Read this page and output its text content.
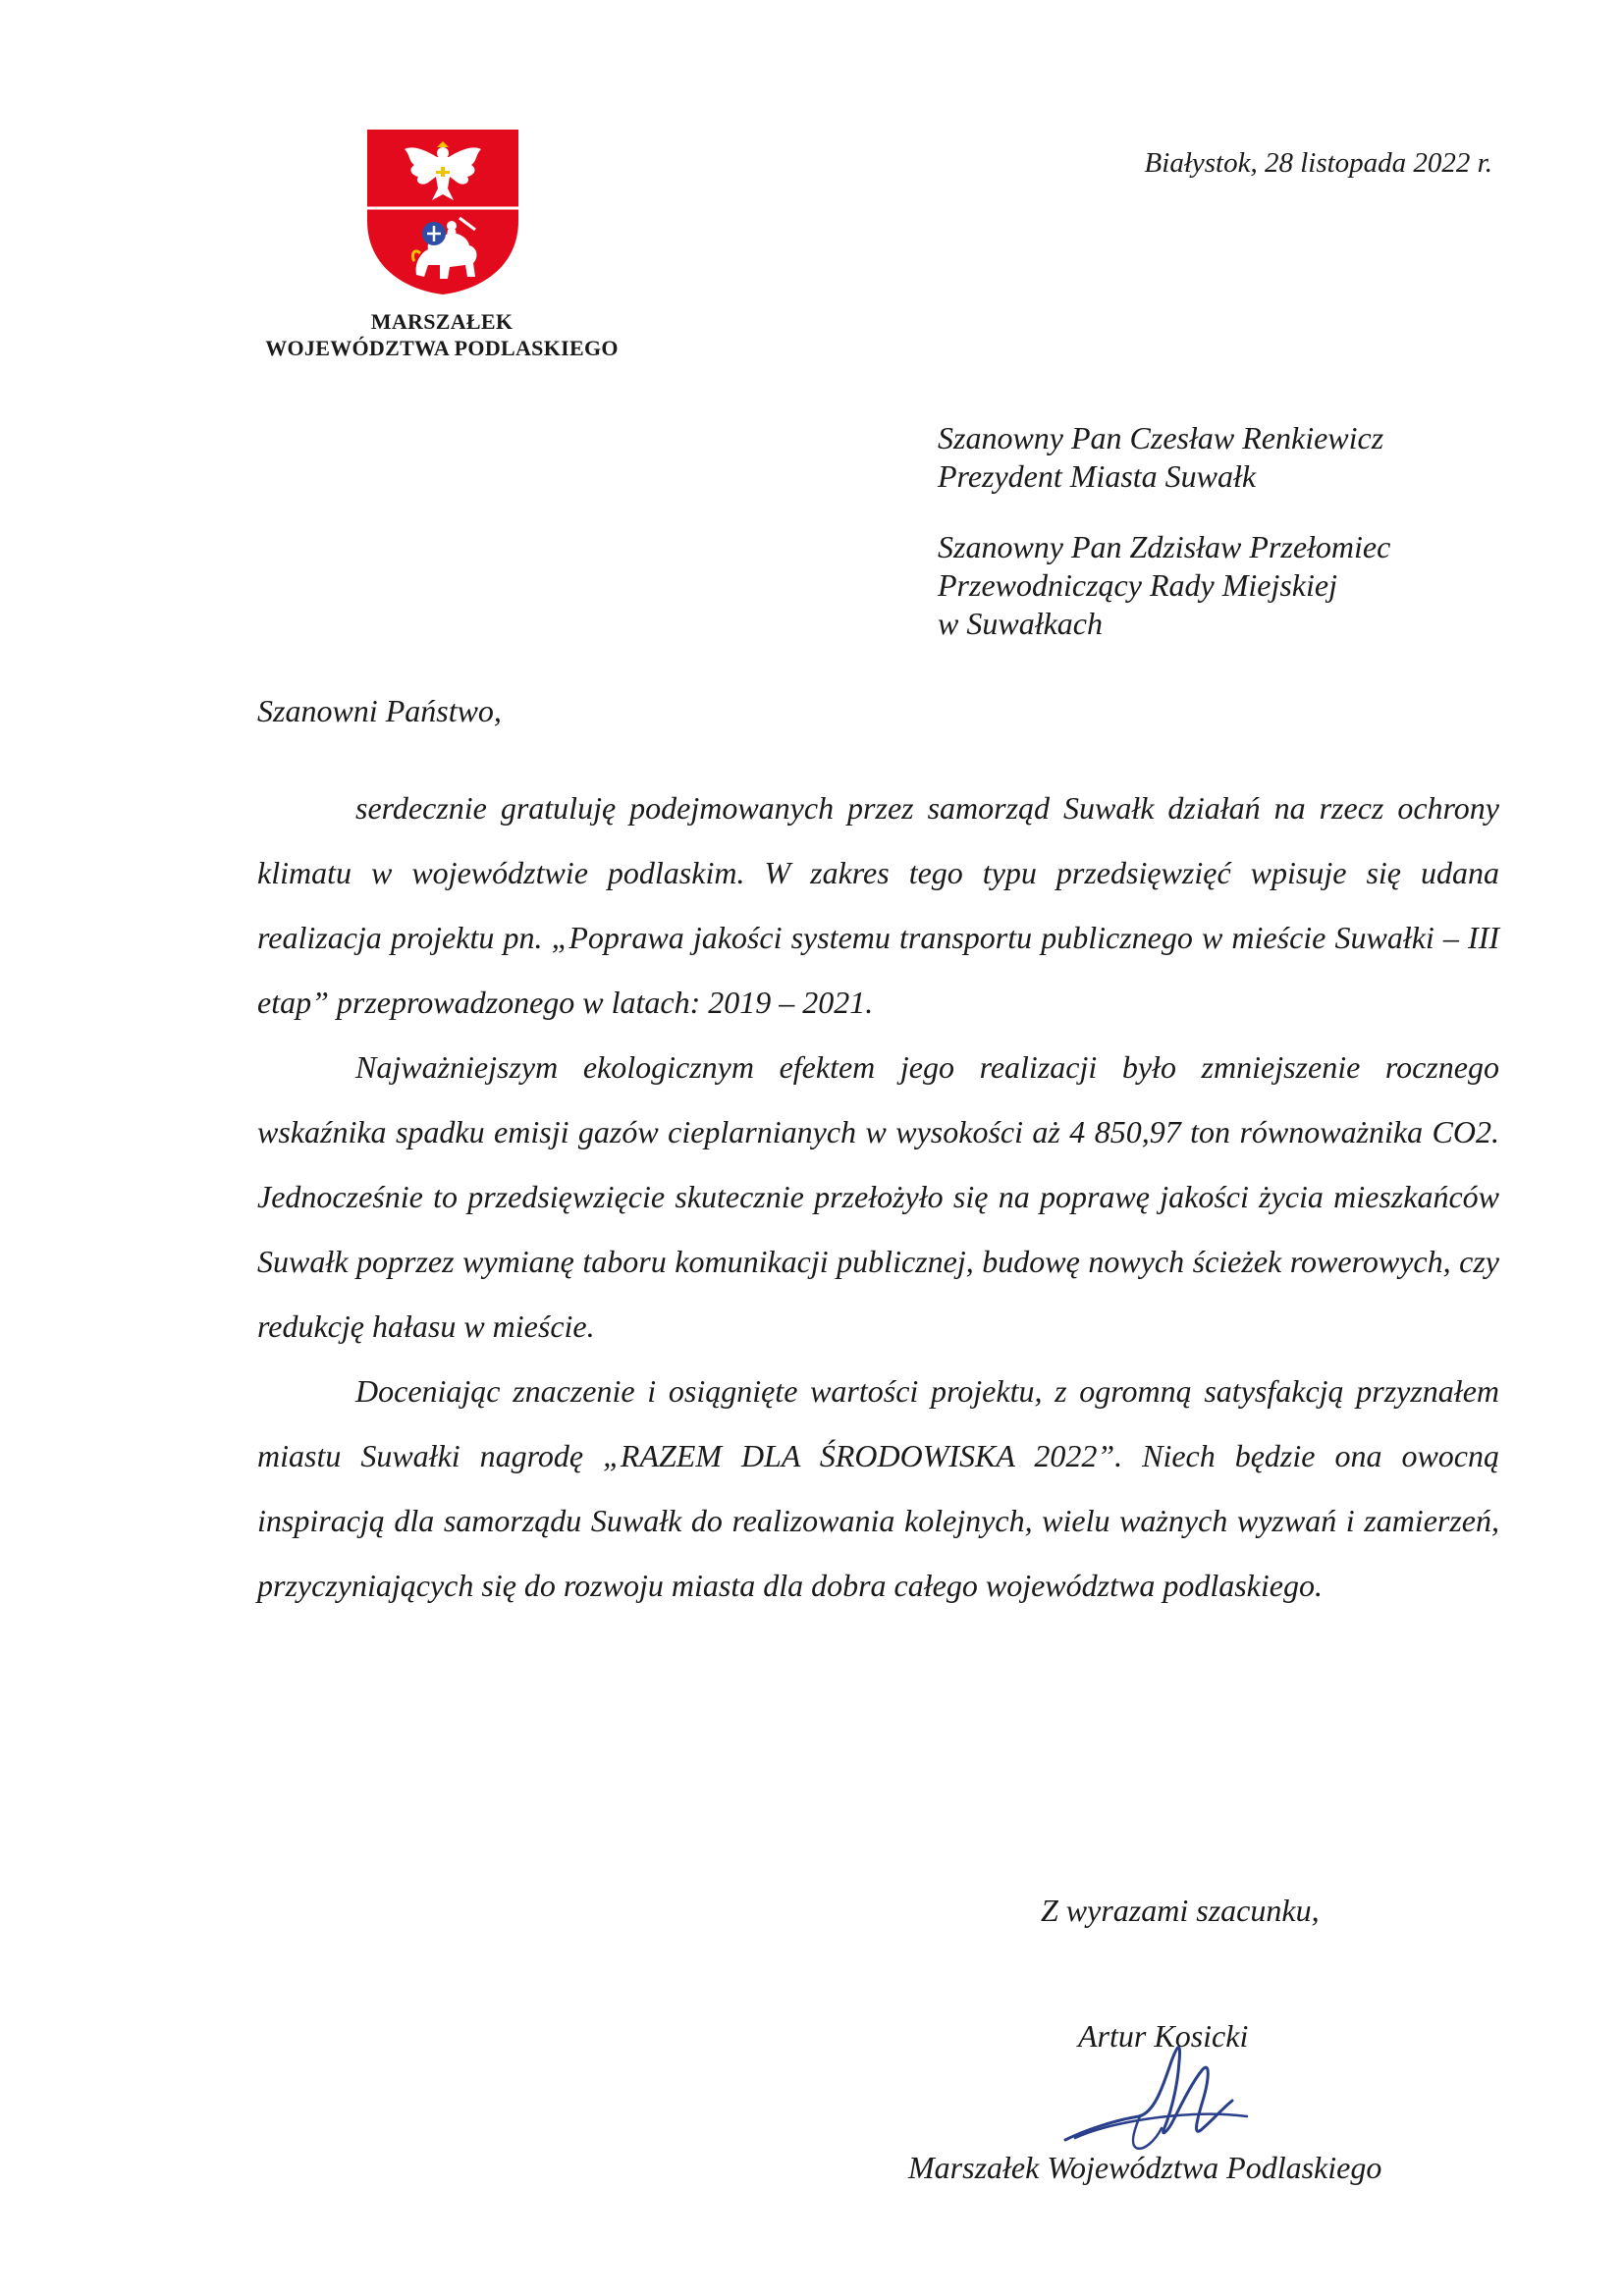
MARSZAŁEK
WOJEWÓDZTWA PODLASKIEGO
Białystok, 28 listopada 2022 r.
Szanowny Pan Czesław Renkiewicz
Prezydent Miasta Suwałk
Szanowny Pan Zdzisław Przełomiec
Przewodniczący Rady Miejskiej
w Suwałkach
Szanowni Państwo,

serdecznie gratuluję podejmowanych przez samorząd Suwałk działań na rzecz ochrony klimatu w województwie podlaskim. W zakres tego typu przedsięwzięć wpisuje się udana realizacja projektu pn. „Poprawa jakości systemu transportu publicznego w mieście Suwałki – III etap” przeprowadzonego w latach: 2019 – 2021.

Najważniejszym ekologicznym efektem jego realizacji było zmniejszenie rocznego wskaźnika spadku emisji gazów cieplarnianych w wysokości aż 4 850,97 ton równoważnika CO2. Jednocześnie to przedsięwzięcie skutecznie przełożyło się na poprawę jakości życia mieszkańców Suwałk poprzez wymianę taboru komunikacji publicznej, budowę nowych ścieżek rowerowych, czy redukcję hałasu w mieście.

Doceniając znaczenie i osiągnięte wartości projektu, z ogromną satysfakcją przyznałem miastu Suwałki nagrodę „RAZEM DLA ŚRODOWISKA 2022”. Niech będzie ona owocną inspiracją dla samorządu Suwałk do realizowania kolejnych, wielu ważnych wyzwań i zamierzeń, przyczyniających się do rozwoju miasta dla dobra całego województwa podlaskiego.

Z wyrazami szacunku,
Artur Kosicki
Marszałek Województwa Podlaskiego
